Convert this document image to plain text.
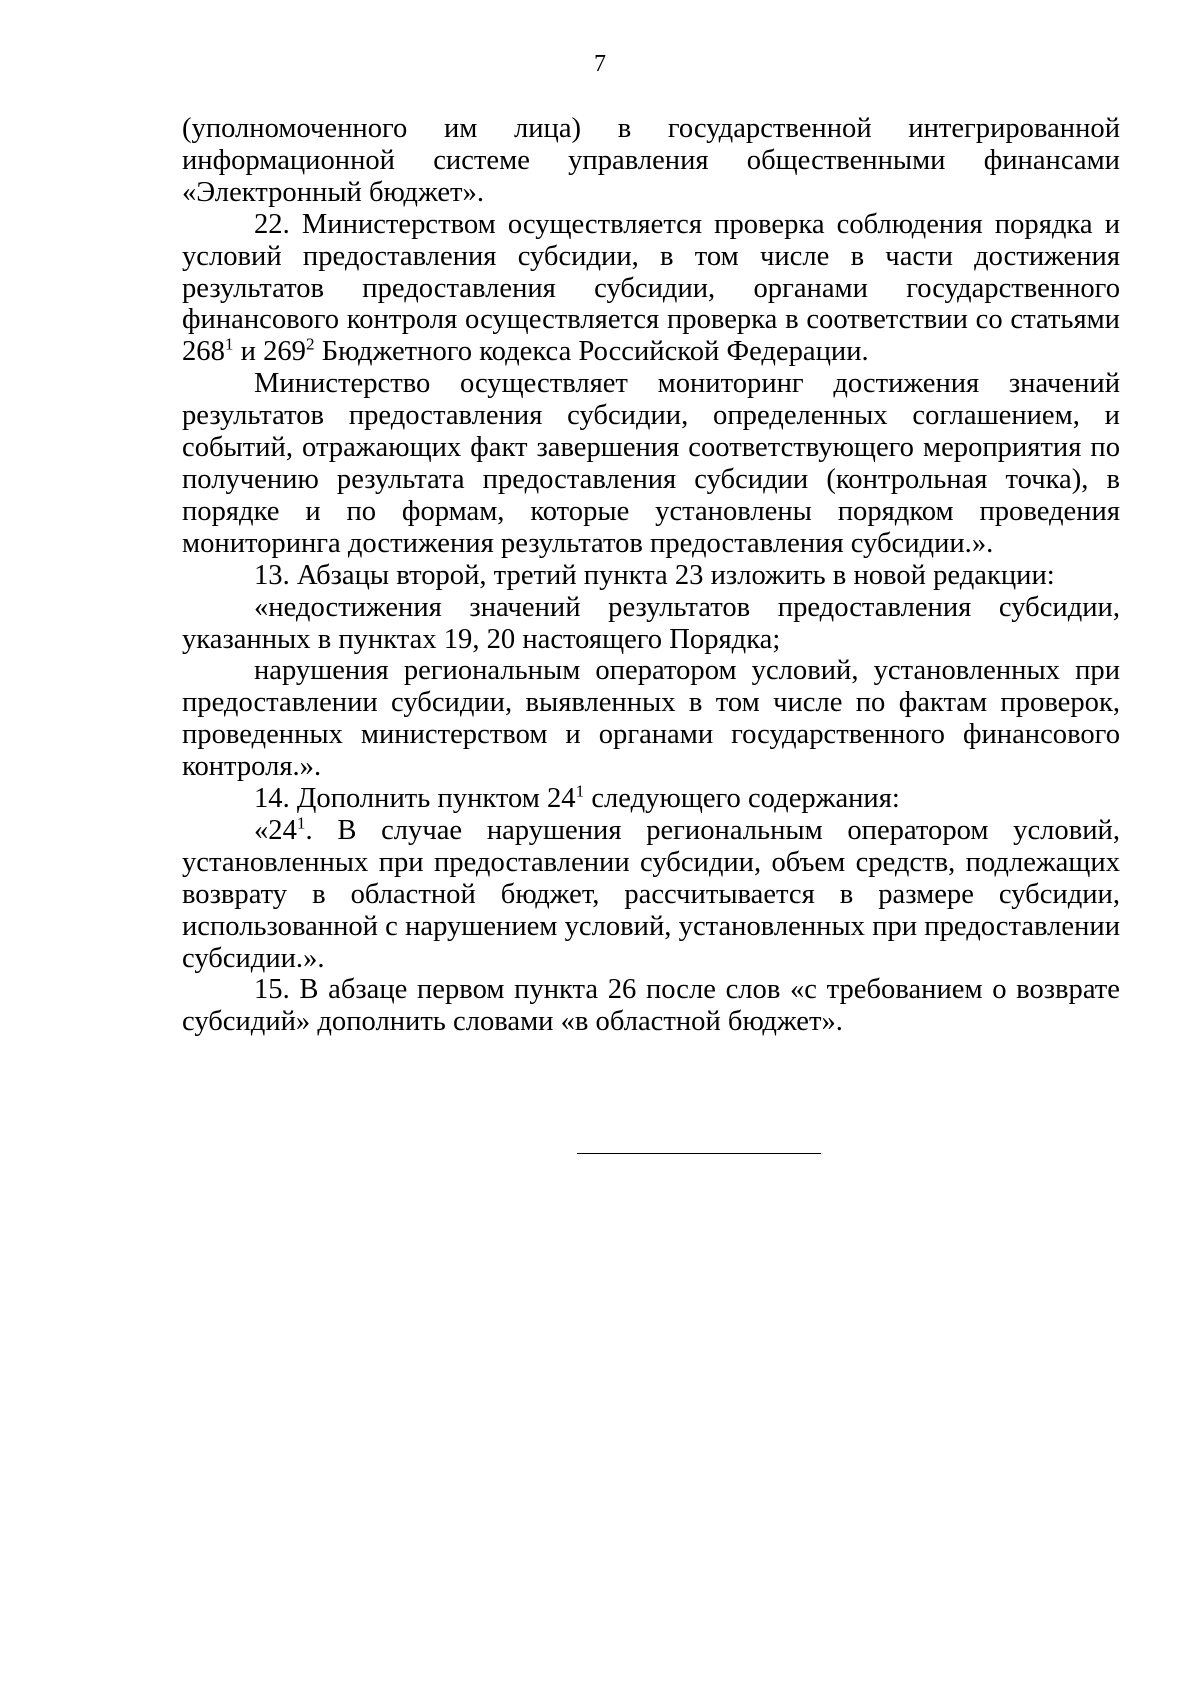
7

(уполномоченного им лица) в государственной интегрированной информационной системе управления общественными финансами «Электронный бюджет».

22. Министерством осуществляется проверка соблюдения порядка и условий предоставления субсидии, в том числе в части достижения результатов предоставления субсидии, органами государственного финансового контроля осуществляется проверка в соответствии со статьями $268^1$ и $269^2$ Бюджетного кодекса Российской Федерации.

Министерство осуществляет мониторинг достижения значений результатов предоставления субсидии, определенных соглашением, и событий, отражающих факт завершения соответствующего мероприятия по получению результата предоставления субсидии (контрольная точка), в порядке и по формам, которые установлены порядком проведения мониторинга достижения результатов предоставления субсидии.».

13. Абзацы второй, третий пункта 23 изложить в новой редакции:

«недостижения значений результатов предоставления субсидии, указанных в пунктах 19, 20 настоящего Порядка;

нарушения региональным оператором условий, установленных при предоставлении субсидии, выявленных в том числе по фактам проверок, проведенных министерством и органами государственного финансового контроля.».

14. Дополнить пунктом $24^1$ следующего содержания:

«$24^1$. В случае нарушения региональным оператором условий, установленных при предоставлении субсидии, объем средств, подлежащих возврату в областной бюджет, рассчитывается в размере субсидии, использованной с нарушением условий, установленных при предоставлении субсидии.».

15. В абзаце первом пункта 26 после слов «с требованием о возврате субсидий» дополнить словами «в областной бюджет».
